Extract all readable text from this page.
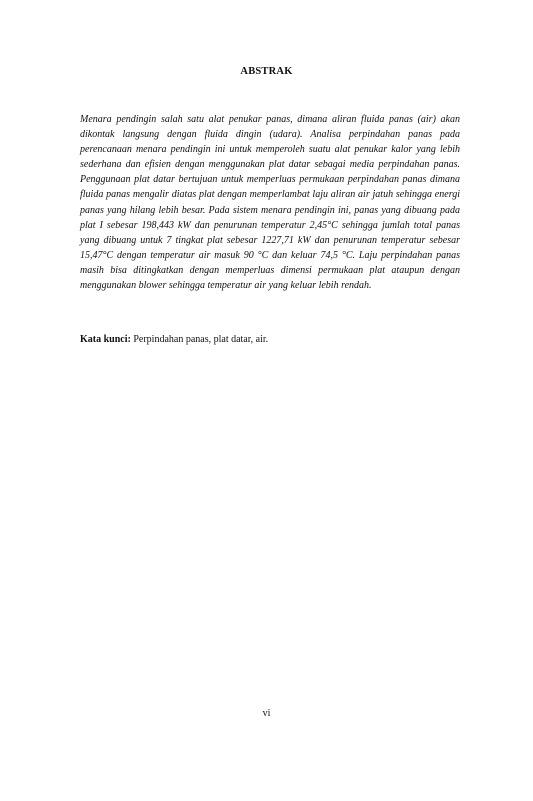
ABSTRAK

Menara pendingin salah satu alat penukar panas, dimana aliran fluida panas (air) akan dikontak langsung dengan fluida dingin (udara). Analisa perpindahan panas pada perencanaan menara pendingin ini untuk memperoleh suatu alat penukar kalor yang lebih sederhana dan efisien dengan menggunakan plat datar sebagai media perpindahan panas. Penggunaan plat datar bertujuan untuk memperluas permukaan perpindahan panas dimana fluida panas mengalir diatas plat dengan memperlambat laju aliran air jatuh sehingga energi panas yang hilang lebih besar. Pada sistem menara pendingin ini, panas yang dibuang pada plat I sebesar 198,443 kW dan penurunan temperatur 2,45°C sehingga jumlah total panas yang dibuang untuk 7 tingkat plat sebesar 1227,71 kW dan penurunan temperatur sebesar 15,47°C dengan temperatur air masuk 90 °C dan keluar 74,5 °C. Laju perpindahan panas masih bisa ditingkatkan dengan memperluas dimensi permukaan plat ataupun dengan menggunakan blower sehingga temperatur air yang keluar lebih rendah.

Kata kunci: Perpindahan panas, plat datar, air.
vi
